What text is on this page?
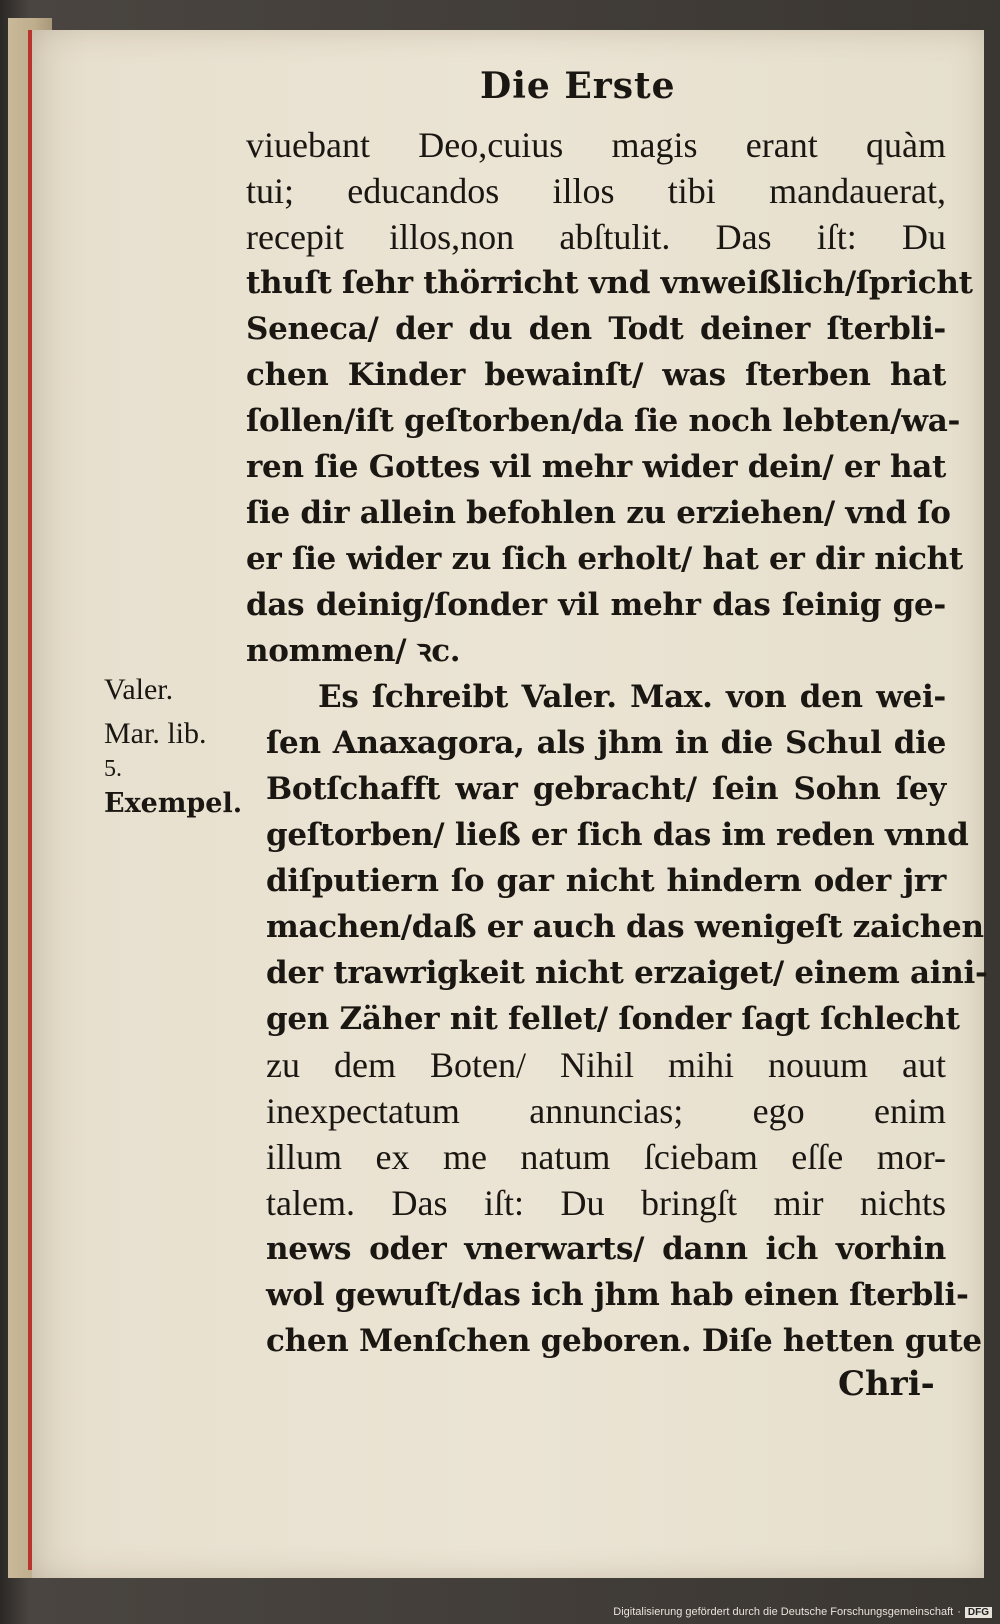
Die Erste
viuebant Deo,cuius magis erant quàm
tui; educandos illos tibi mandauerat,
recepit illos,non abſtulit. Das iſt: Du
thuſt ſehr thörricht vnd vnweißlich/ſpricht
Seneca/ der du den Todt deiner ſterbli-
chen Kinder bewainſt/ was ſterben hat
ſollen/iſt geſtorben/da ſie noch lebten/wa-
ren ſie Gottes vil mehr wider dein/ er hat
ſie dir allein befohlen zu erziehen/ vnd ſo
er ſie wider zu ſich erholt/ hat er dir nicht
das deinig/ſonder vil mehr das ſeinig ge-
nommen/ ꝛc.
Es ſchreibt Valer. Max. von den wei-
ſen Anaxagora, als jhm in die Schul die
Botſchafft war gebracht/ ſein Sohn ſey
geſtorben/ ließ er ſich das im reden vnnd
diſputiern ſo gar nicht hindern oder jrr
machen/daß er auch das wenigeſt zaichen
der trawrigkeit nicht erzaiget/ einem aini-
gen Zäher nit fellet/ ſonder ſagt ſchlecht
zu dem Boten/ Nihil mihi nouum aut
inexpectatum annuncias; ego enim
illum ex me natum ſciebam eſſe mor-
talem. Das iſt: Du bringſt mir nichts
news oder vnerwarts/ dann ich vorhin
wol gewuſt/das ich jhm hab einen ſterbli-
chen Menſchen geboren. Diſe hetten gute
Valer.
Mar. lib.
5.
Exempel.
Chri-
Digitalisierung gefördert durch die Deutsche Forschungsgemeinschaft · DFG
